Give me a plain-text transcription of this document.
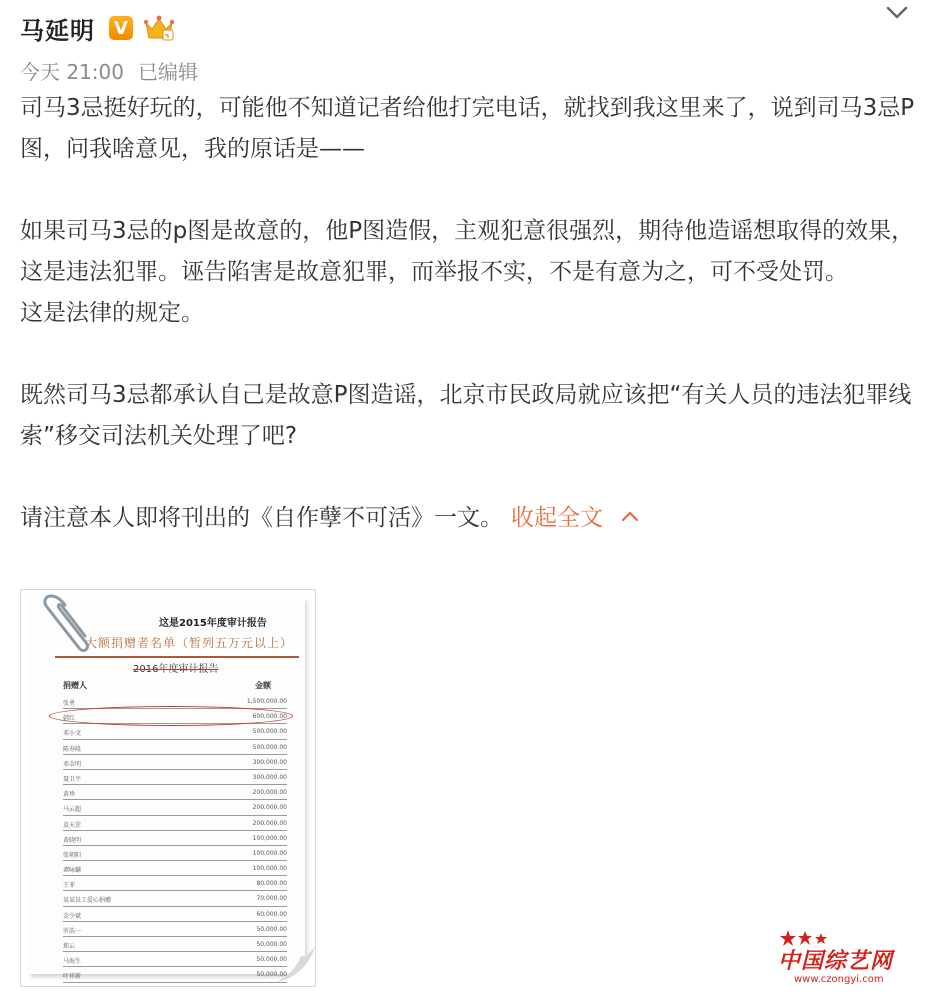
马延明 V
今天 21:00 已编辑

司马3忌挺好玩的，可能他不知道记者给他打完电话，就找到我这里来了，说到司马3忌P图，问我啥意见，我的原话是——

如果司马3忌的p图是故意的，他P图造假，主观犯意很强烈，期待他造谣想取得的效果，这是违法犯罪。诬告陷害是故意犯罪，而举报不实，不是有意为之，可不受处罚。

这是法律的规定。

既然司马3忌都承认自己是故意P图造谣，北京市民政局就应该把“有关人员的违法犯罪线索”移交司法机关处理了吧?

请注意本人即将刊出的《自作孽不可活》一文。 收起全文

这是2015年度审计报告
大额捐赠者名单（暂列五万元以上）
2016年度审计报告
捐赠人	金额
张勇	1,500,000.00
韩红	600,000.00
邓小文	500,000.00
陈寿隆	500,000.00
邓金明	300,000.00
聂卫平	300,000.00
黄珍	200,000.00
马云超	200,000.00
袁天罡	200,000.00
黄晓明	100,000.00
张朝阳	100,000.00
谭咏麟	100,000.00
王菲	80,000.00
某某员工爱心捐赠	70,000.00
金少斌	60,000.00
罗浩一	50,000.00
郑云	50,000.00
马海生	50,000.00
叶祥新	50,000.00
中国综艺网
www.czongyi.com
